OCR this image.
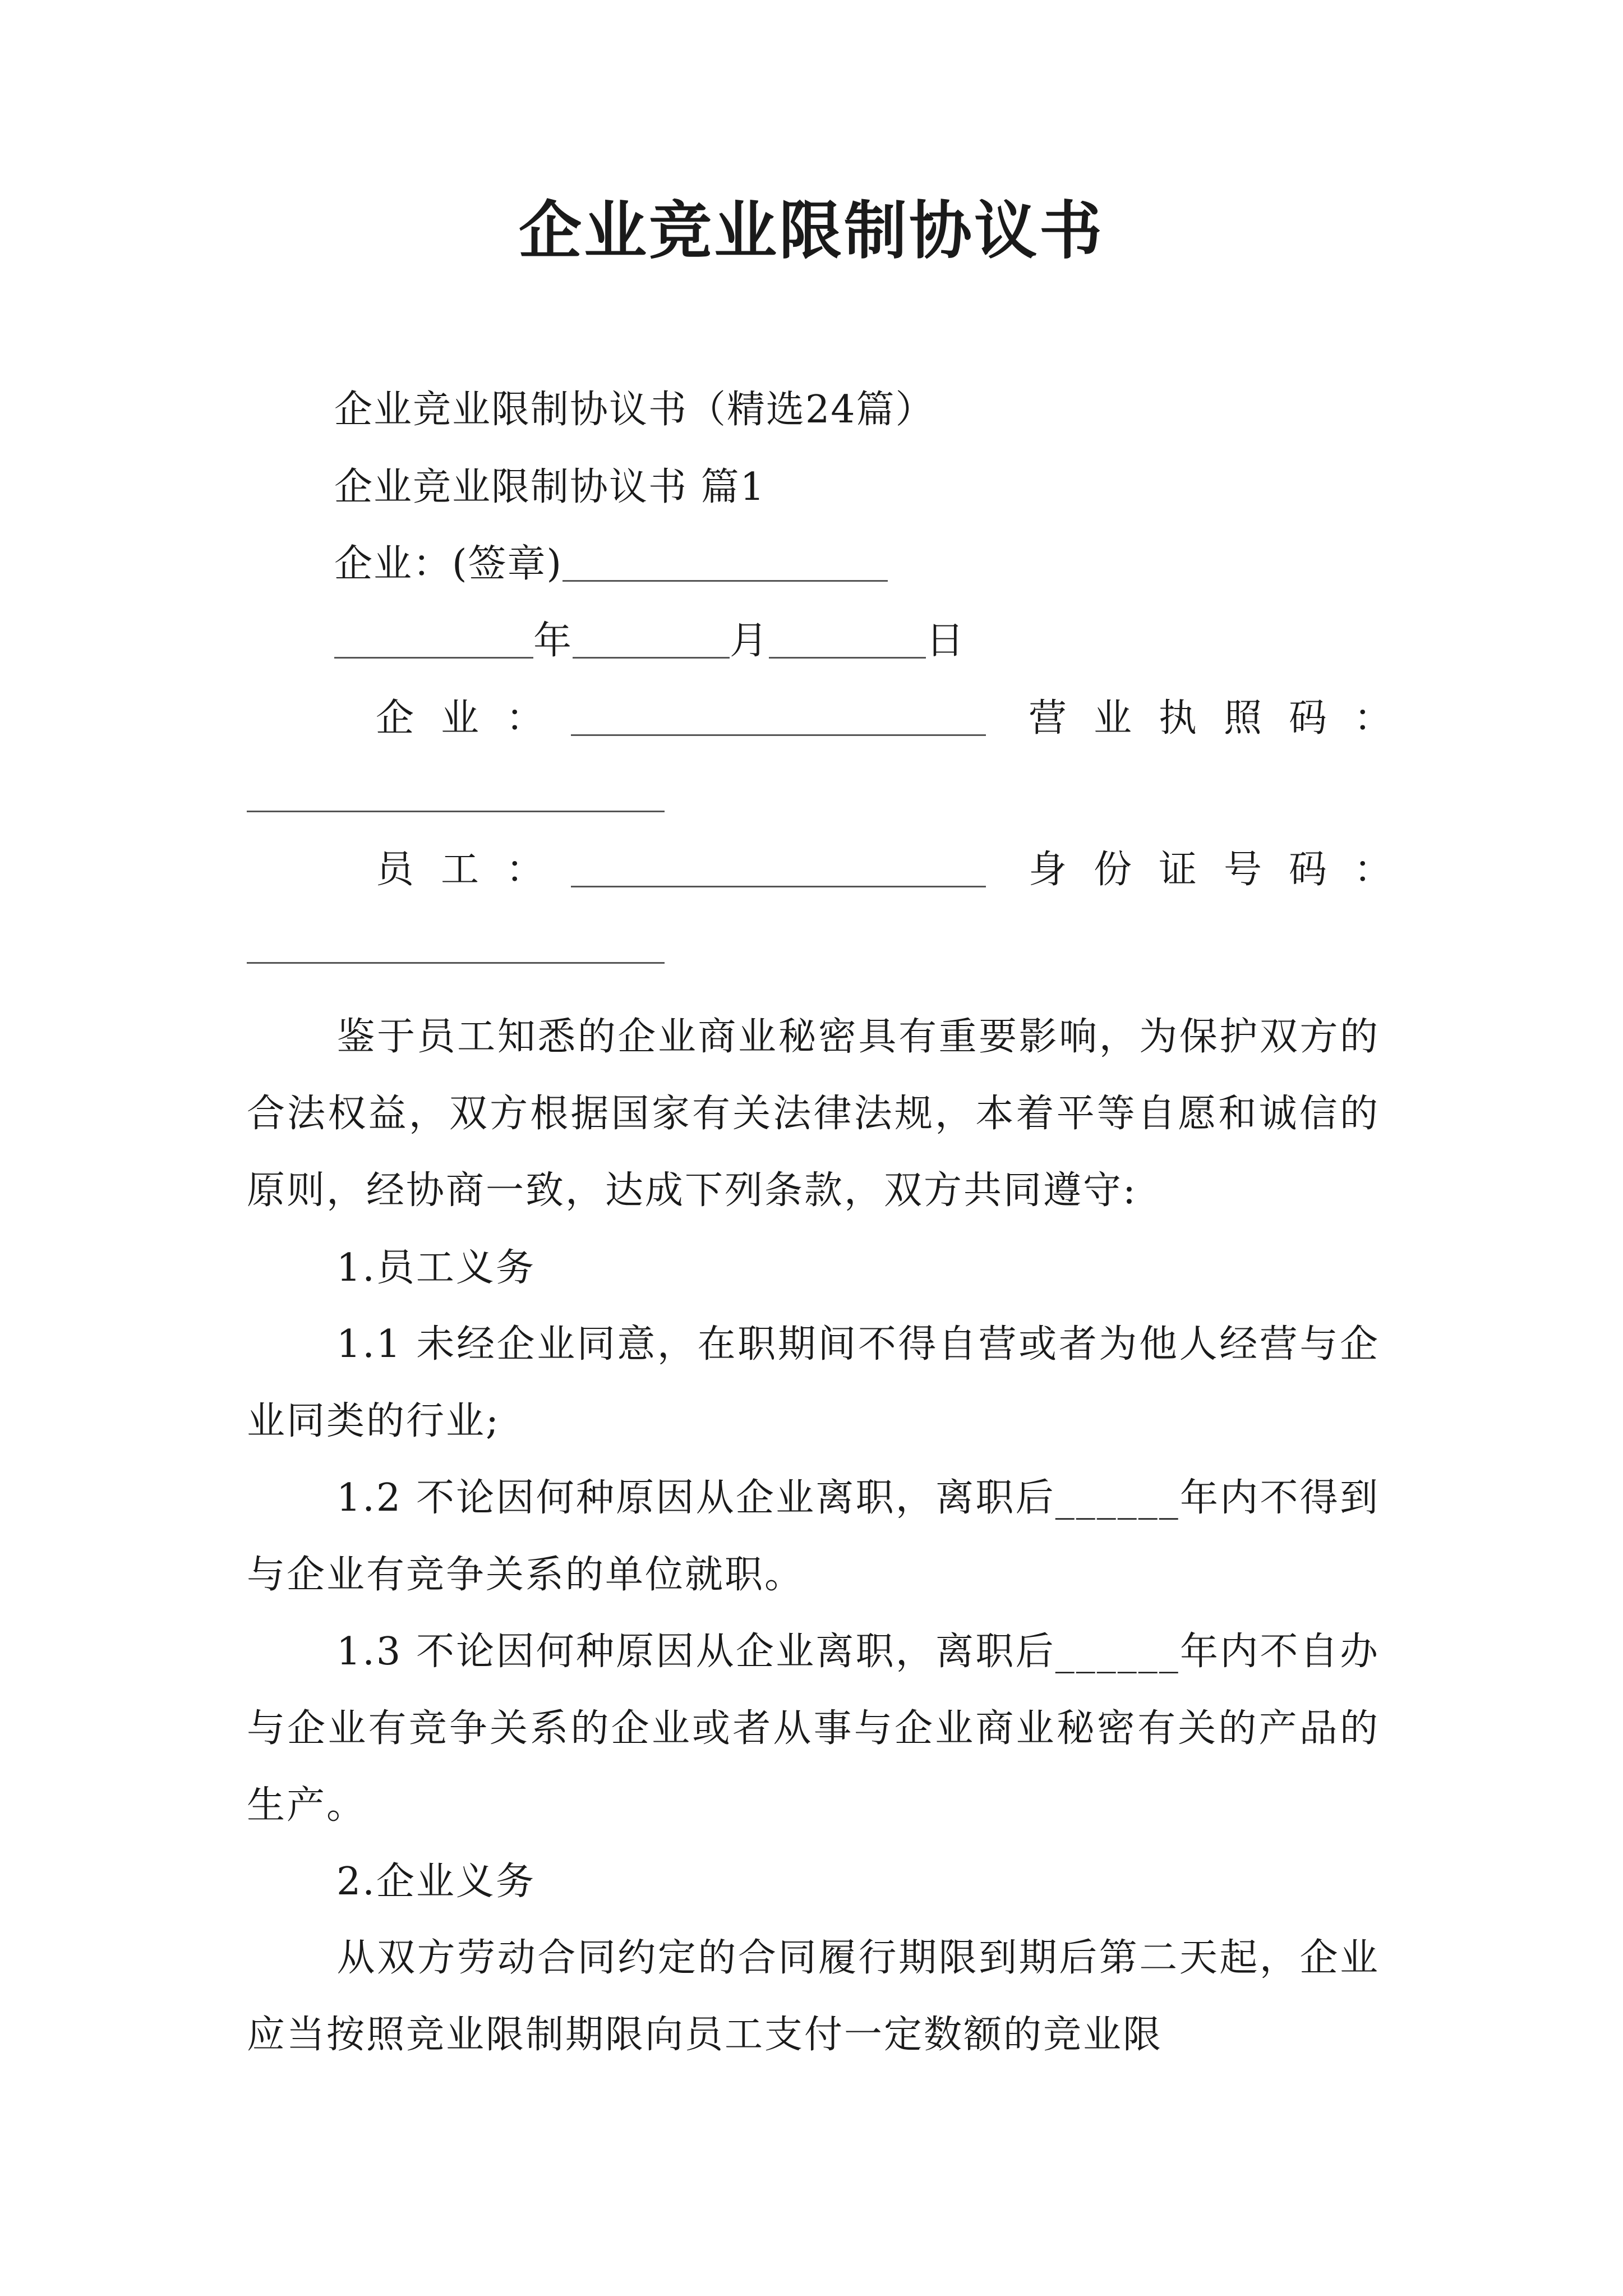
企业竞业限制协议书
企业竞业限制协议书（精选24篇）
企业竞业限制协议书 篇1
企业：(签章)
年	月	日
企业：	营业执照码：
员工：	身份证号码：
鉴于员工知悉的企业商业秘密具有重要影响，为保护双方的合法权益，双方根据国家有关法律法规，本着平等自愿和诚信的原则，经协商一致，达成下列条款，双方共同遵守:
1.员工义务
1.1 未经企业同意，在职期间不得自营或者为他人经营与企业同类的行业;
1.2 不论因何种原因从企业离职，离职后______年内不得到与企业有竞争关系的单位就职。
1.3 不论因何种原因从企业离职，离职后______年内不自办与企业有竞争关系的企业或者从事与企业商业秘密有关的产品的生产。
2.企业义务
从双方劳动合同约定的合同履行期限到期后第二天起，企业应当按照竞业限制期限向员工支付一定数额的竞业限
